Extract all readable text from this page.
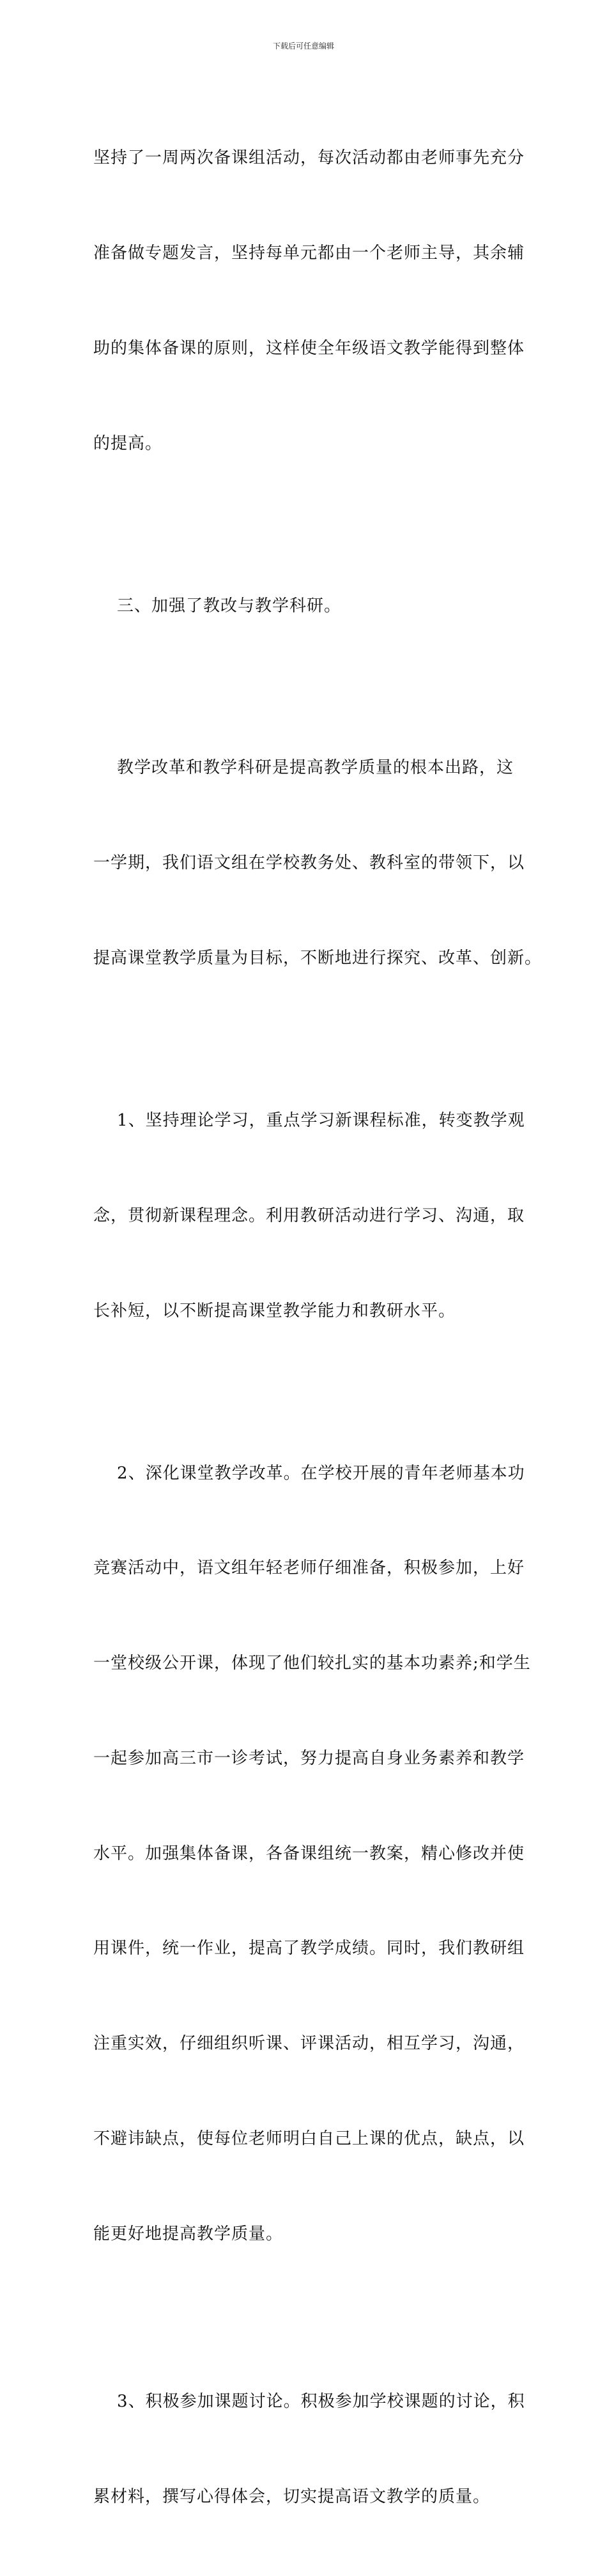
下载后可任意编辑

坚持了一周两次备课组活动，每次活动都由老师事先充分

准备做专题发言，坚持每单元都由一个老师主导，其余辅

助的集体备课的原则，这样使全年级语文教学能得到整体

的提高。

三、加强了教改与教学科研。

教学改革和教学科研是提高教学质量的根本出路，这

一学期，我们语文组在学校教务处、教科室的带领下，以

提高课堂教学质量为目标，不断地进行探究、改革、创新。

1、坚持理论学习，重点学习新课程标准，转变教学观

念，贯彻新课程理念。利用教研活动进行学习、沟通，取

长补短，以不断提高课堂教学能力和教研水平。

2、深化课堂教学改革。在学校开展的青年老师基本功

竞赛活动中，语文组年轻老师仔细准备，积极参加，上好

一堂校级公开课，体现了他们较扎实的基本功素养;和学生

一起参加高三市一诊考试，努力提高自身业务素养和教学

水平。加强集体备课，各备课组统一教案，精心修改并使

用课件，统一作业，提高了教学成绩。同时，我们教研组

注重实效，仔细组织听课、评课活动，相互学习，沟通，

不避讳缺点，使每位老师明白自己上课的优点，缺点，以

能更好地提高教学质量。

3、积极参加课题讨论。积极参加学校课题的讨论，积

累材料，撰写心得体会，切实提高语文教学的质量。
